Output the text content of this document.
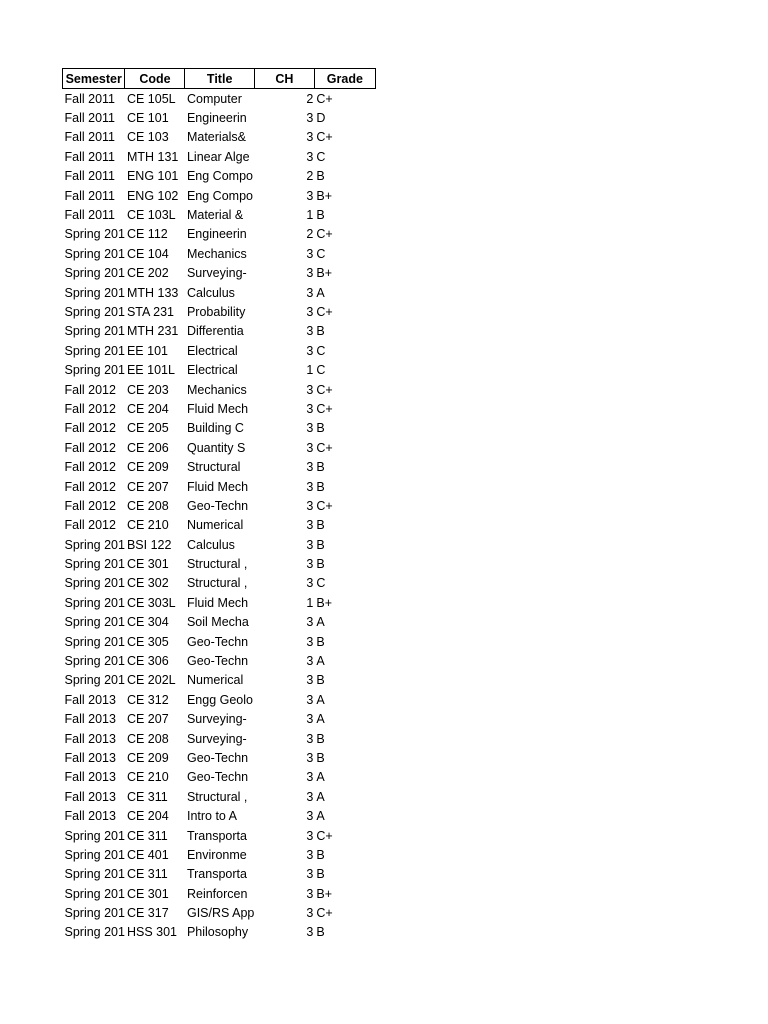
Semester	Code	Title	CH	Grade
Fall 2011	CE 105L	Computer	2	C+
Fall 2011	CE 101	Engineerin	3	D
Fall 2011	CE 103	Materials&	3	C+
Fall 2011	MTH 131	Linear Alge	3	C
Fall 2011	ENG 101	Eng Compo	2	B
Fall 2011	ENG 102	Eng Compo	3	B+
Fall 2011	CE 103L	Material &	1	B
Spring 201	CE 112	Engineerin	2	C+
Spring 201	CE 104	Mechanics	3	C
Spring 201	CE 202	Surveying-	3	B+
Spring 201	MTH 133	Calculus	3	A
Spring 201	STA 231	Probability	3	C+
Spring 201	MTH 231	Differentia	3	B
Spring 201	EE 101	Electrical	3	C
Spring 201	EE 101L	Electrical	1	C
Fall 2012	CE 203	Mechanics	3	C+
Fall 2012	CE 204	Fluid Mech	3	C+
Fall 2012	CE 205	Building C	3	B
Fall 2012	CE 206	Quantity S	3	C+
Fall 2012	CE 209	Structural	3	B
Fall 2012	CE 207	Fluid Mech	3	B
Fall 2012	CE 208	Geo-Techn	3	C+
Fall 2012	CE 210	Numerical	3	B
Spring 201	BSI 122	Calculus	3	B
Spring 201	CE 301	Structural ,	3	B
Spring 201	CE 302	Structural ,	3	C
Spring 201	CE 303L	Fluid Mech	1	B+
Spring 201	CE 304	Soil Mecha	3	A
Spring 201	CE 305	Geo-Techn	3	B
Spring 201	CE 306	Geo-Techn	3	A
Spring 201	CE 202L	Numerical	3	B
Fall 2013	CE 312	Engg Geolo	3	A
Fall 2013	CE 207	Surveying-	3	A
Fall 2013	CE 208	Surveying-	3	B
Fall 2013	CE 209	Geo-Techn	3	B
Fall 2013	CE 210	Geo-Techn	3	A
Fall 2013	CE 311	Structural ,	3	A
Fall 2013	CE 204	Intro to A	3	A
Spring 201	CE 311	Transporta	3	C+
Spring 201	CE 401	Environme	3	B
Spring 201	CE 311	Transporta	3	B
Spring 201	CE 301	Reinforcen	3	B+
Spring 201	CE 317	GIS/RS App	3	C+
Spring 201	HSS 301	Philosophy	3	B
